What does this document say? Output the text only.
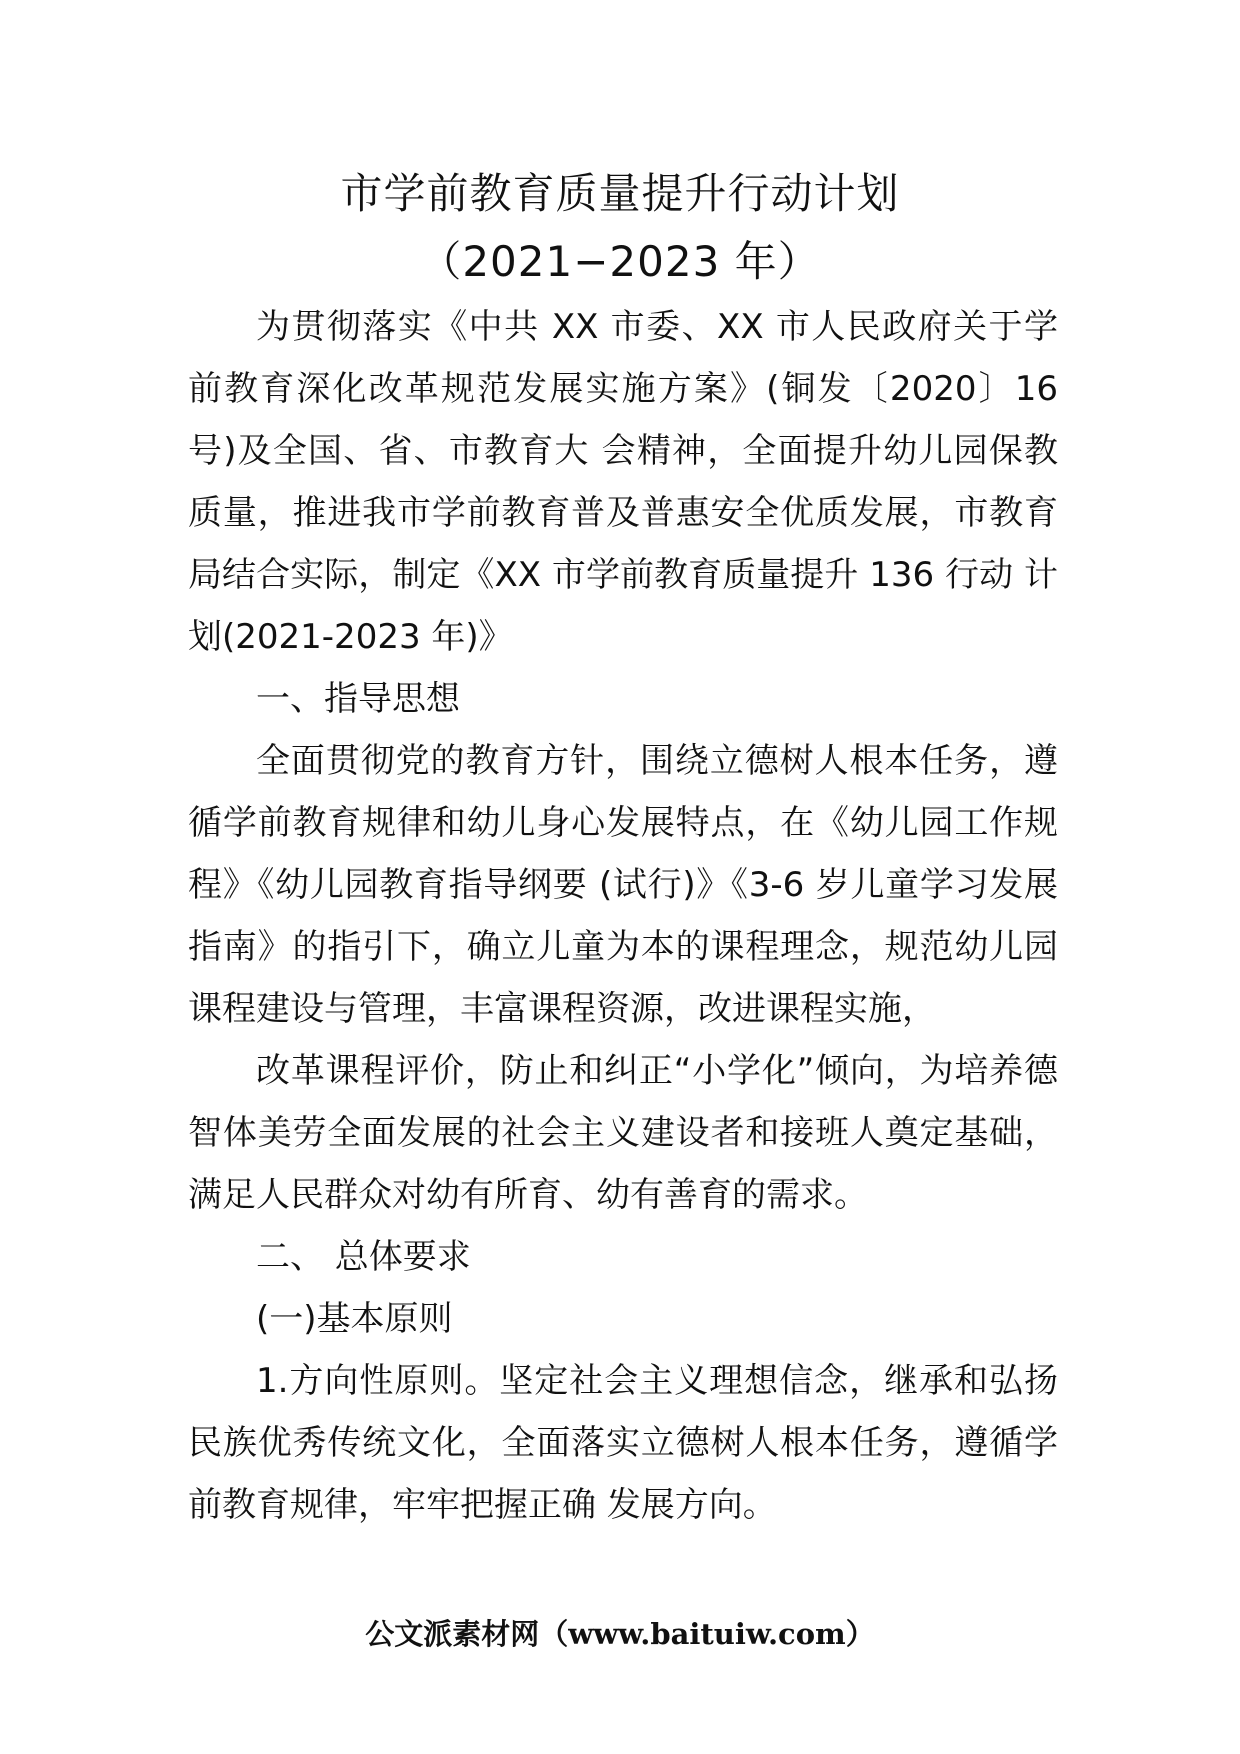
市学前教育质量提升行动计划
（2021−2023 年）

为贯彻落实《中共 XX 市委、XX 市人民政府关于学前教育深化改革规范发展实施方案》(铜发〔2020〕16 号)及全国、省、市教育大 会精神，全面提升幼儿园保教质量，推进我市学前教育普及普惠安全优质发展，市教育局结合实际，制定《XX 市学前教育质量提升 136 行动 计划(2021-2023 年)》

一、指导思想

全面贯彻党的教育方针，围绕立德树人根本任务，遵循学前教育规律和幼儿身心发展特点，在《幼儿园工作规程》《幼儿园教育指导纲要 (试行)》《3-6 岁儿童学习发展指南》的指引下，确立儿童为本的课程理念，规范幼儿园课程建设与管理，丰富课程资源，改进课程实施，

改革课程评价，防止和纠正“小学化”倾向，为培养德智体美劳全面发展的社会主义建设者和接班人奠定基础，满足人民群众对幼有所育、幼有善育的需求。

二、 总体要求

(一)基本原则

1.方向性原则。坚定社会主义理想信念，继承和弘扬民族优秀传统文化，全面落实立德树人根本任务，遵循学前教育规律，牢牢把握正确 发展方向。

公文派素材网（www.baituiw.com）
